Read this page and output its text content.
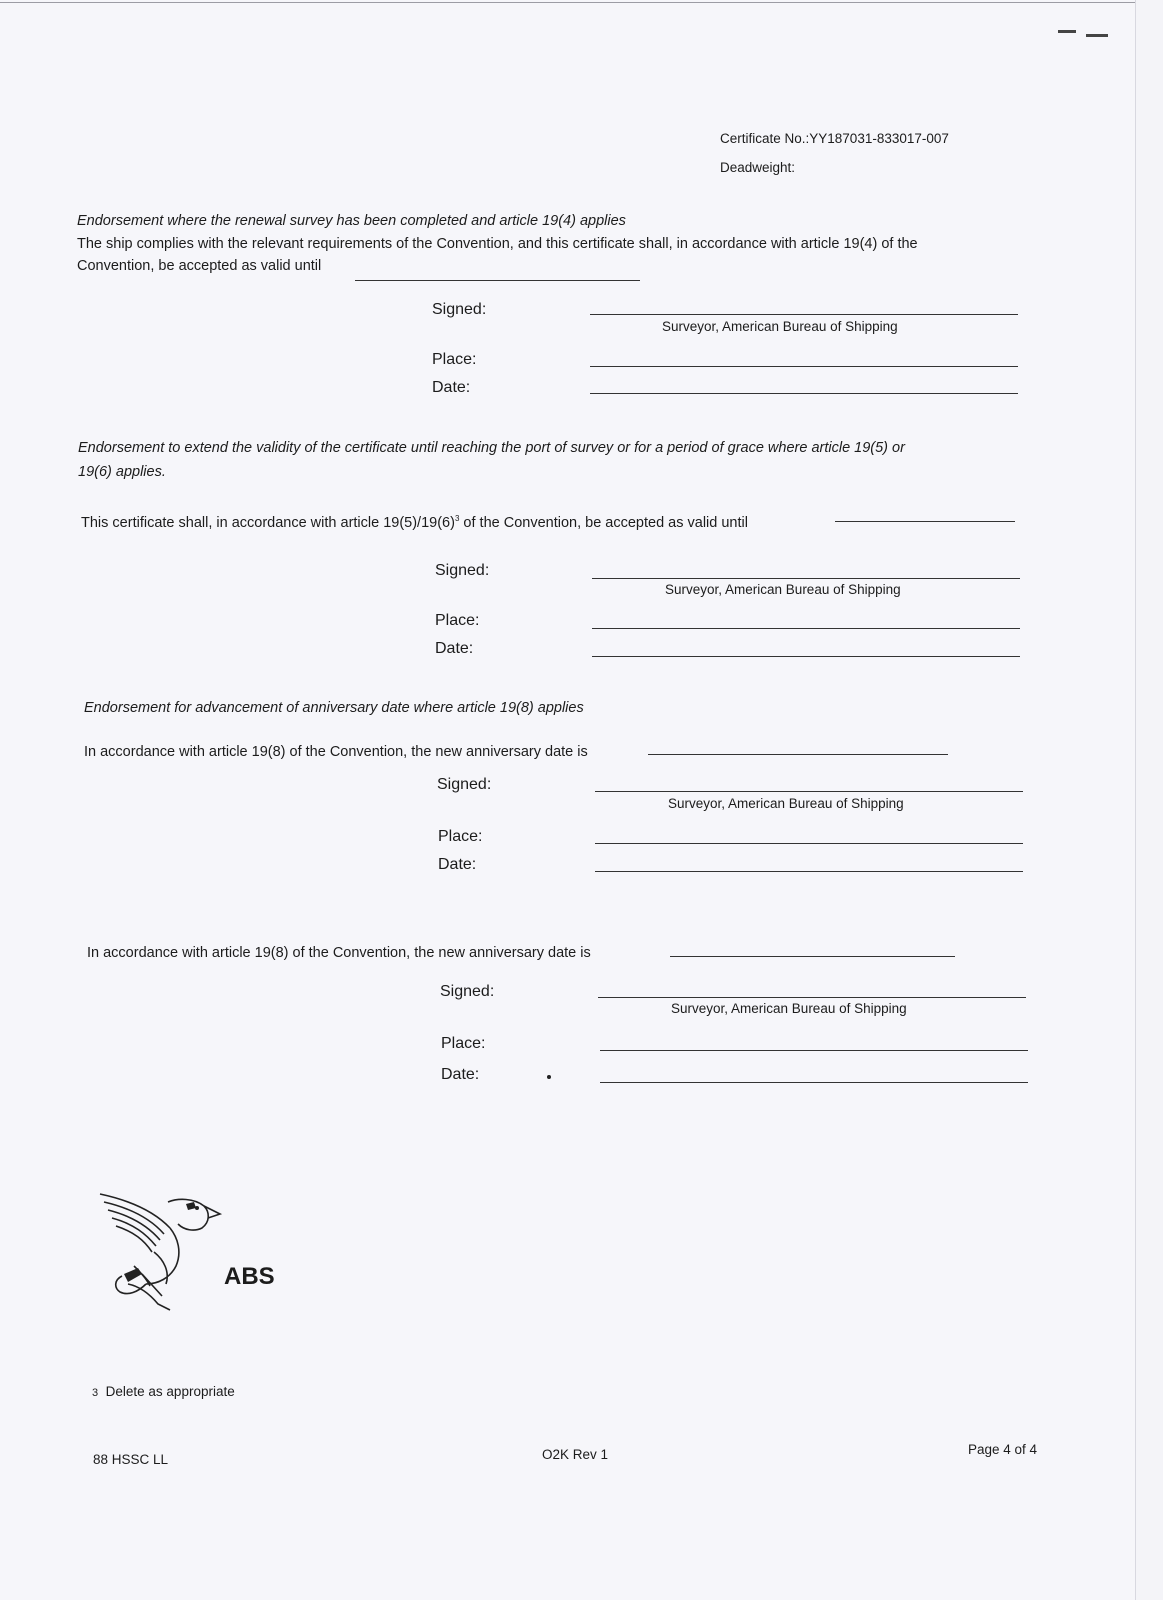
Certificate No.:YY187031-833017-007
Deadweight:
Endorsement where the renewal survey has been completed and article 19(4) applies
The ship complies with the relevant requirements of the Convention, and this certificate shall, in accordance with article 19(4) of the
Convention, be accepted as valid until
Signed:
Surveyor, American Bureau of Shipping
Place:
Date:
Endorsement to extend the validity of the certificate until reaching the port of survey or for a period of grace where article 19(5) or
19(6) applies.
This certificate shall, in accordance with article $19(5)/19(6)^3$ of the Convention, be accepted as valid until
Signed:
Surveyor, American Bureau of Shipping
Place:
Date:
Endorsement for advancement of anniversary date where article 19(8) applies
In accordance with article 19(8) of the Convention, the new anniversary date is
Signed:
Surveyor, American Bureau of Shipping
Place:
Date:
In accordance with article 19(8) of the Convention, the new anniversary date is
Signed:
Surveyor, American Bureau of Shipping
Place:
Date:
ABS
3 Delete as appropriate
88 HSSC LL	O2K Rev 1	Page 4 of 4
